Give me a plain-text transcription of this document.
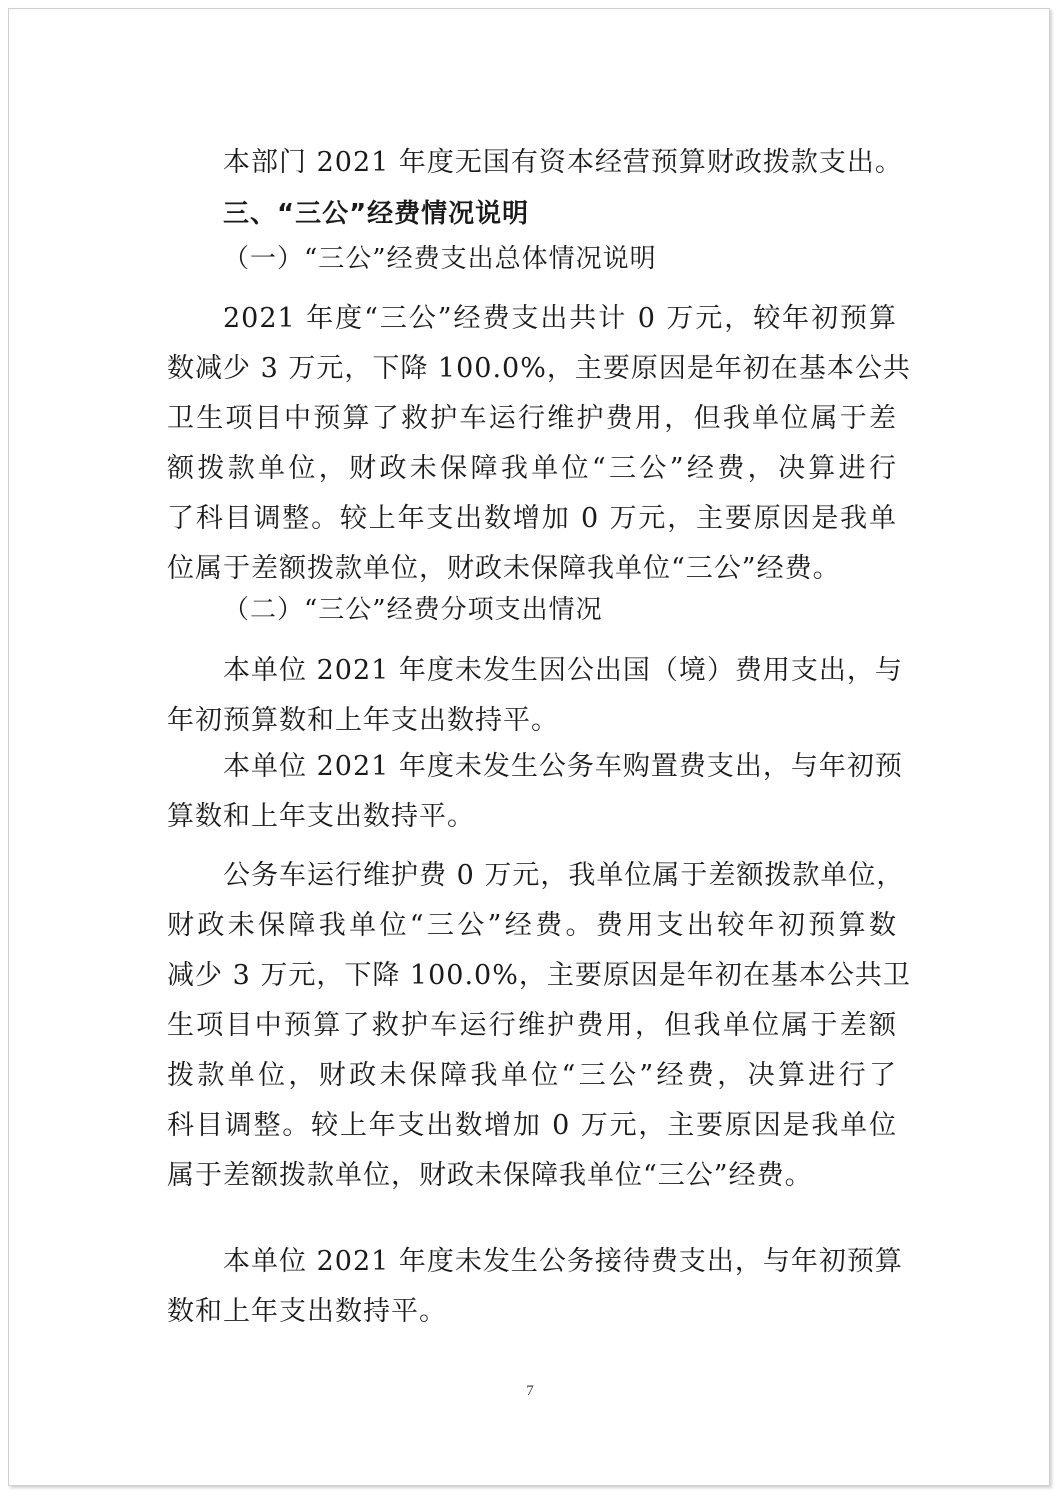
本部门 2021 年度无国有资本经营预算财政拨款支出。
三、“三公”经费情况说明
（一）“三公”经费支出总体情况说明
2021 年度“三公”经费支出共计 0 万元，较年初预算
数减少 3 万元，下降 100.0%，主要原因是年初在基本公共
卫生项目中预算了救护车运行维护费用，但我单位属于差
额拨款单位，财政未保障我单位“三公”经费，决算进行
了科目调整。较上年支出数增加 0 万元，主要原因是我单
位属于差额拨款单位，财政未保障我单位“三公”经费。
（二）“三公”经费分项支出情况
本单位 2021 年度未发生因公出国（境）费用支出，与
年初预算数和上年支出数持平。
本单位 2021 年度未发生公务车购置费支出，与年初预
算数和上年支出数持平。
公务车运行维护费 0 万元，我单位属于差额拨款单位，
财政未保障我单位“三公”经费。费用支出较年初预算数
减少 3 万元，下降 100.0%，主要原因是年初在基本公共卫
生项目中预算了救护车运行维护费用，但我单位属于差额
拨款单位，财政未保障我单位“三公”经费，决算进行了
科目调整。较上年支出数增加 0 万元，主要原因是我单位
属于差额拨款单位，财政未保障我单位“三公”经费。
本单位 2021 年度未发生公务接待费支出，与年初预算
数和上年支出数持平。
7
